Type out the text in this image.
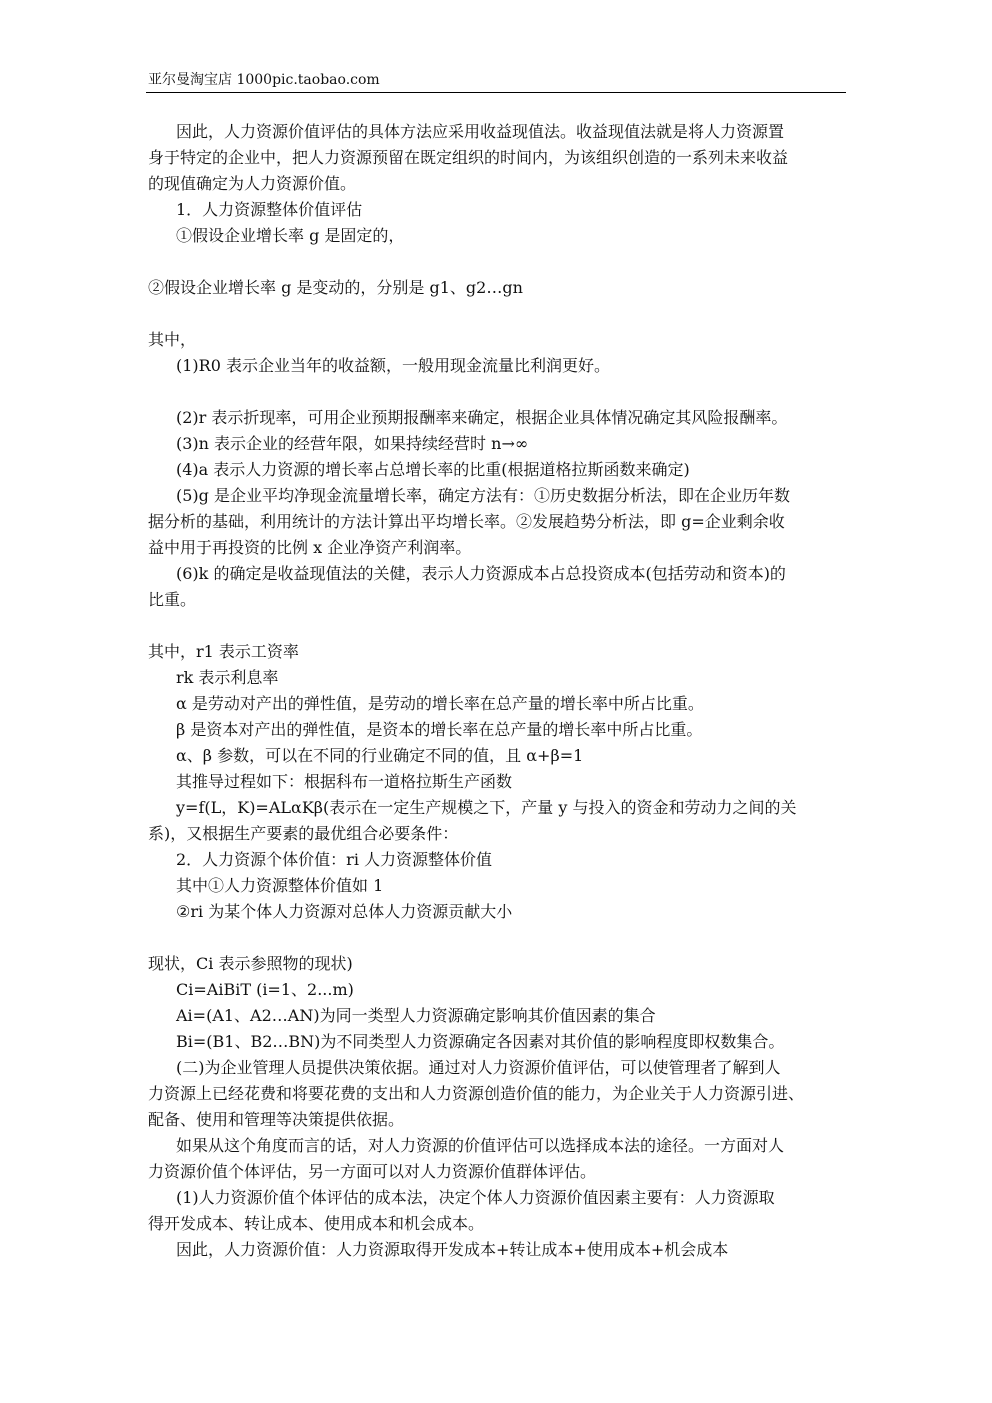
亚尔曼淘宝店 1000pic.taobao.com
因此，人力资源价值评估的具体方法应采用收益现值法。收益现值法就是将人力资源置
身于特定的企业中，把人力资源预留在既定组织的时间内，为该组织创造的一系列未来收益
的现值确定为人力资源价值。
1．人力资源整体价值评估
①假设企业增长率 g 是固定的，
②假设企业增长率 g 是变动的，分别是 g1、g2…gn
其中，
(1)R0 表示企业当年的收益额，一般用现金流量比利润更好。
(2)r 表示折现率，可用企业预期报酬率来确定，根据企业具体情况确定其风险报酬率。
(3)n 表示企业的经营年限，如果持续经营时 n→∞
(4)a 表示人力资源的增长率占总增长率的比重(根据道格拉斯函数来确定)
(5)g 是企业平均净现金流量增长率，确定方法有：①历史数据分析法，即在企业历年数
据分析的基础，利用统计的方法计算出平均增长率。②发展趋势分析法，即 g=企业剩余收
益中用于再投资的比例 x 企业净资产利润率。
(6)k 的确定是收益现值法的关健，表示人力资源成本占总投资成本(包括劳动和资本)的
比重。
其中，r1 表示工资率
rk 表示利息率
α 是劳动对产出的弹性值，是劳动的增长率在总产量的增长率中所占比重。
β 是资本对产出的弹性值，是资本的增长率在总产量的增长率中所占比重。
α、β 参数，可以在不同的行业确定不同的值，且 α+β=1
其推导过程如下：根据科布一道格拉斯生产函数
y=f(L，K)=ALαKβ(表示在一定生产规模之下，产量 y 与投入的资金和劳动力之间的关
系)，又根据生产要素的最优组合必要条件：
2．人力资源个体价值：ri 人力资源整体价值
其中①人力资源整体价值如 1
②ri 为某个体人力资源对总体人力资源贡献大小
现状，Ci 表示参照物的现状)
Ci=AiBiT (i=1、2...m)
Ai=(A1、A2…AN)为同一类型人力资源确定影响其价值因素的集合
Bi=(B1、B2…BN)为不同类型人力资源确定各因素对其价值的影响程度即权数集合。
(二)为企业管理人员提供决策依据。通过对人力资源价值评估，可以使管理者了解到人
力资源上已经花费和将要花费的支出和人力资源创造价值的能力，为企业关于人力资源引进、
配备、使用和管理等决策提供依据。
如果从这个角度而言的话，对人力资源的价值评估可以选择成本法的途径。一方面对人
力资源价值个体评估，另一方面可以对人力资源价值群体评估。
(1)人力资源价值个体评估的成本法，决定个体人力资源价值因素主要有：人力资源取
得开发成本、转让成本、使用成本和机会成本。
因此，人力资源价值：人力资源取得开发成本+转让成本+使用成本+机会成本
